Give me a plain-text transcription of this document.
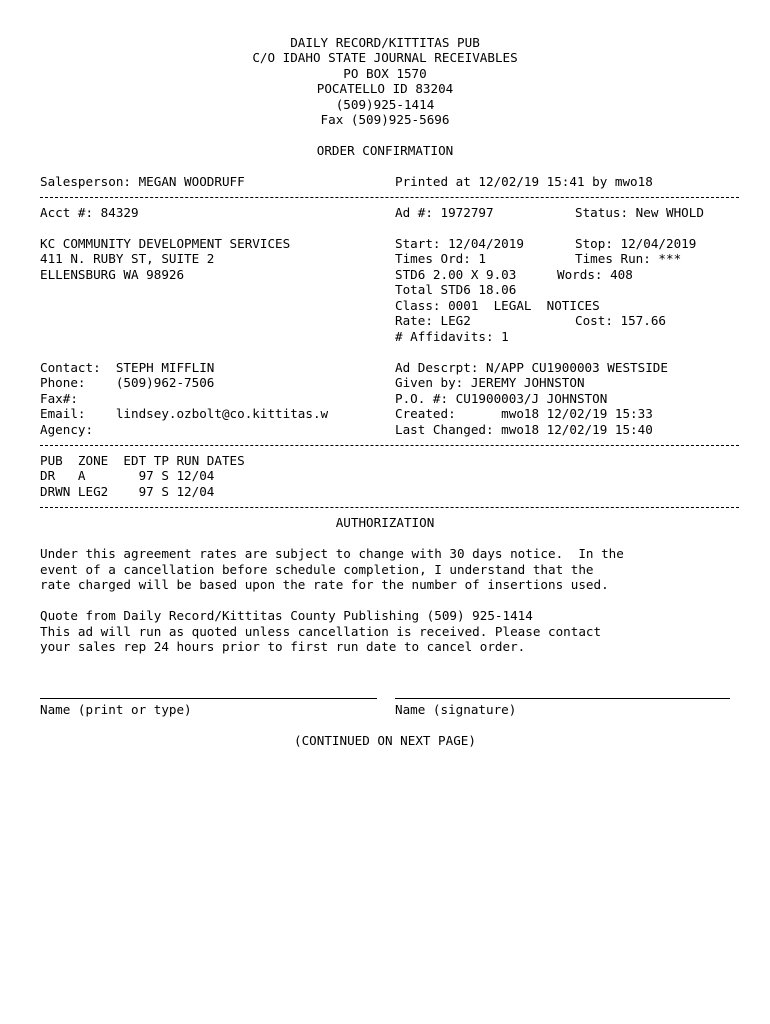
DAILY RECORD/KITTITAS PUB
C/O IDAHO STATE JOURNAL RECEIVABLES
PO BOX 1570
POCATELLO ID 83204
(509)925-1414
Fax (509)925-5696
ORDER CONFIRMATION
Salesperson: MEGAN WOODRUFF	Printed at 12/02/19 15:41 by mwo18
Acct #: 84329	Ad #: 1972797	Status: New WHOLD
KC COMMUNITY DEVELOPMENT SERVICES
411 N. RUBY ST, SUITE 2
ELLENSBURG WA 98926
Start: 12/04/2019	Stop: 12/04/2019
Times Ord: 1	Times Run: ***
STD6 2.00 X 9.03	Words: 408
Total STD6 18.06
Class: 0001  LEGAL  NOTICES
Rate: LEG2	Cost: 157.66
# Affidavits: 1
Contact:  STEPH MIFFLIN
Phone:    (509)962-7506
Fax#:
Email:    lindsey.ozbolt@co.kittitas.w
Agency:
Ad Descrpt: N/APP CU1900003 WESTSIDE
Given by: JEREMY JOHNSTON
P.O. #: CU1900003/J JOHNSTON
Created:      mwo18 12/02/19 15:33
Last Changed: mwo18 12/02/19 15:40
PUB  ZONE  EDT TP RUN DATES
DR   A       97 S 12/04
DRWN LEG2    97 S 12/04
AUTHORIZATION
Under this agreement rates are subject to change with 30 days notice.  In the
event of a cancellation before schedule completion, I understand that the
rate charged will be based upon the rate for the number of insertions used.
Quote from Daily Record/Kittitas County Publishing (509) 925-1414
This ad will run as quoted unless cancellation is received. Please contact
your sales rep 24 hours prior to first run date to cancel order.
Name (print or type)	Name (signature)
(CONTINUED ON NEXT PAGE)
